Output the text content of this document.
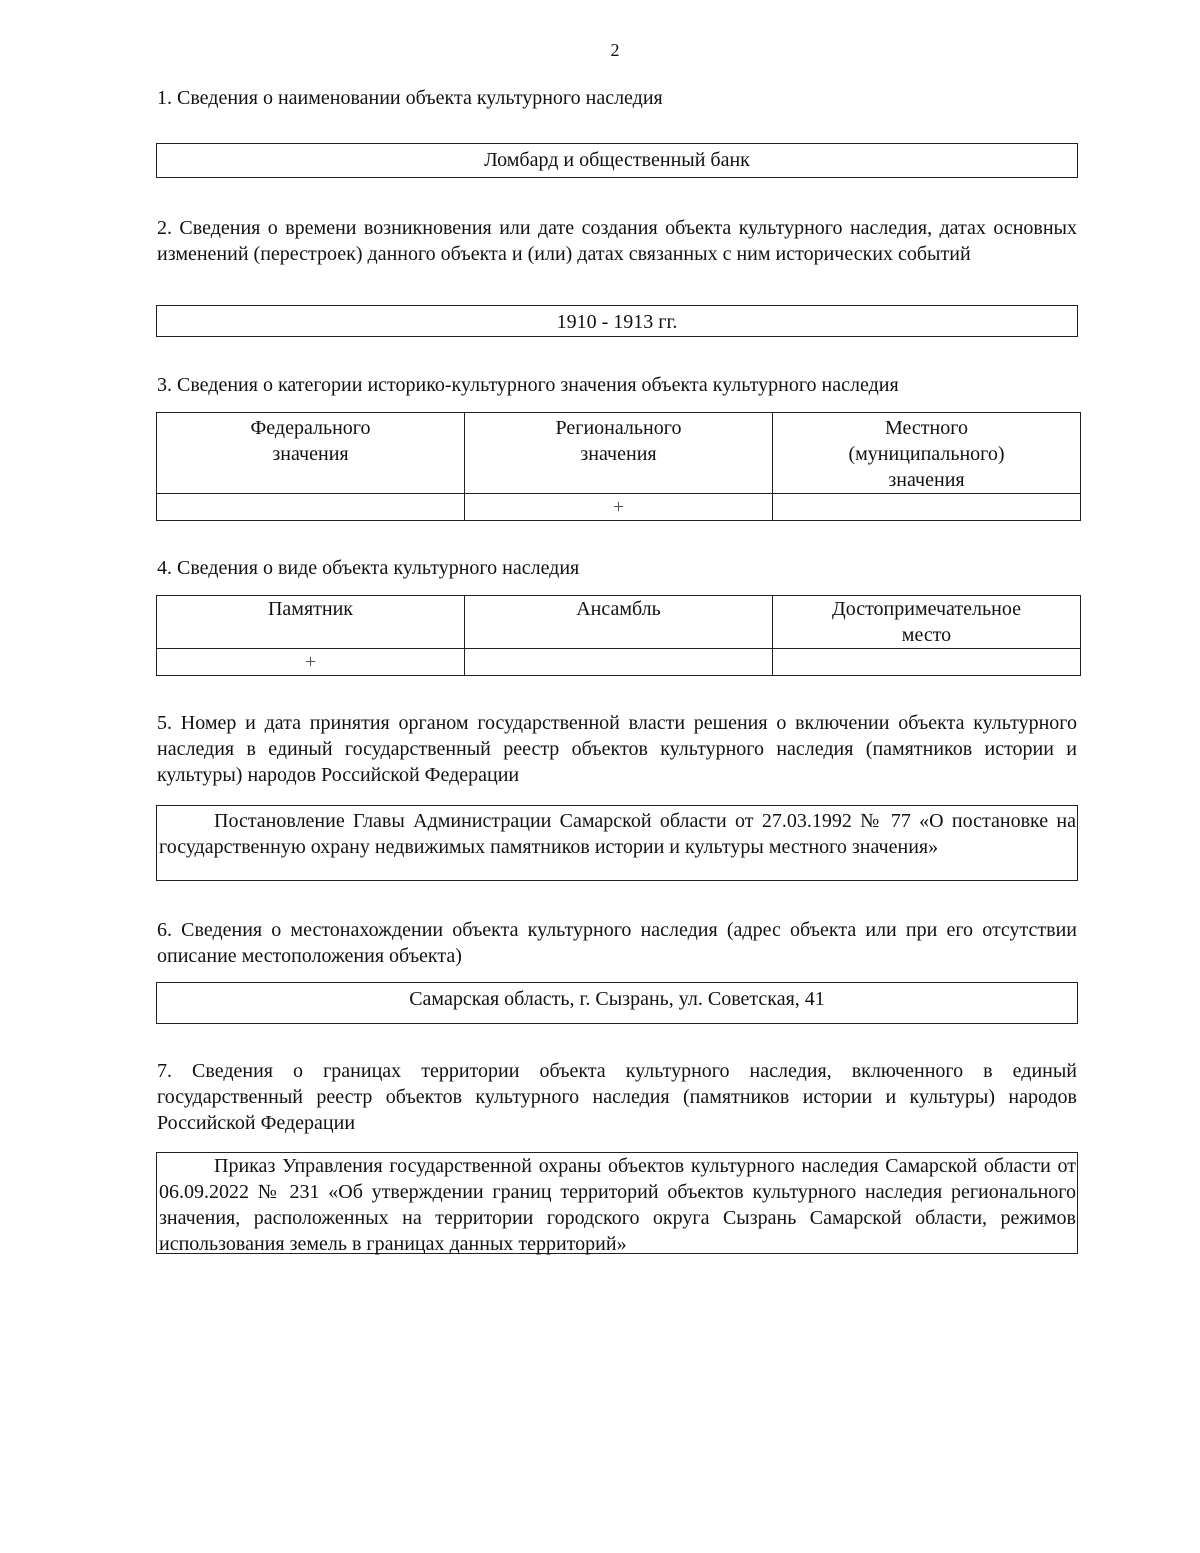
2

1. Сведения о наименовании объекта культурного наследия

Ломбард и общественный банк

2. Сведения о времени возникновения или дате создания объекта культурного наследия, датах основных изменений (перестроек) данного объекта и (или) датах связанных с ним исторических событий

1910 - 1913 гг.

3. Сведения о категории историко-культурного значения объекта культурного наследия

Федерального значения	Регионального значения	Местного (муниципального) значения

	+	

4. Сведения о виде объекта культурного наследия

Памятник	Ансамбль	Достопримечательное место

+		

5. Номер и дата принятия органом государственной власти решения о включении объекта культурного наследия в единый государственный реестр объектов культурного наследия (памятников истории и культуры) народов Российской Федерации

Постановление Главы Администрации Самарской области от 27.03.1992 № 77 «О постановке на государственную охрану недвижимых памятников истории и культуры местного значения»

6. Сведения о местонахождении объекта культурного наследия (адрес объекта или при его отсутствии описание местоположения объекта)

Самарская область, г. Сызрань, ул. Советская, 41

7. Сведения о границах территории объекта культурного наследия, включенного в единый государственный реестр объектов культурного наследия (памятников истории и культуры) народов Российской Федерации

Приказ Управления государственной охраны объектов культурного наследия Самарской области от 06.09.2022 № 231 «Об утверждении границ территорий объектов культурного наследия регионального значения, расположенных на территории городского округа Сызрань Самарской области, режимов использования земель в границах данных территорий»
